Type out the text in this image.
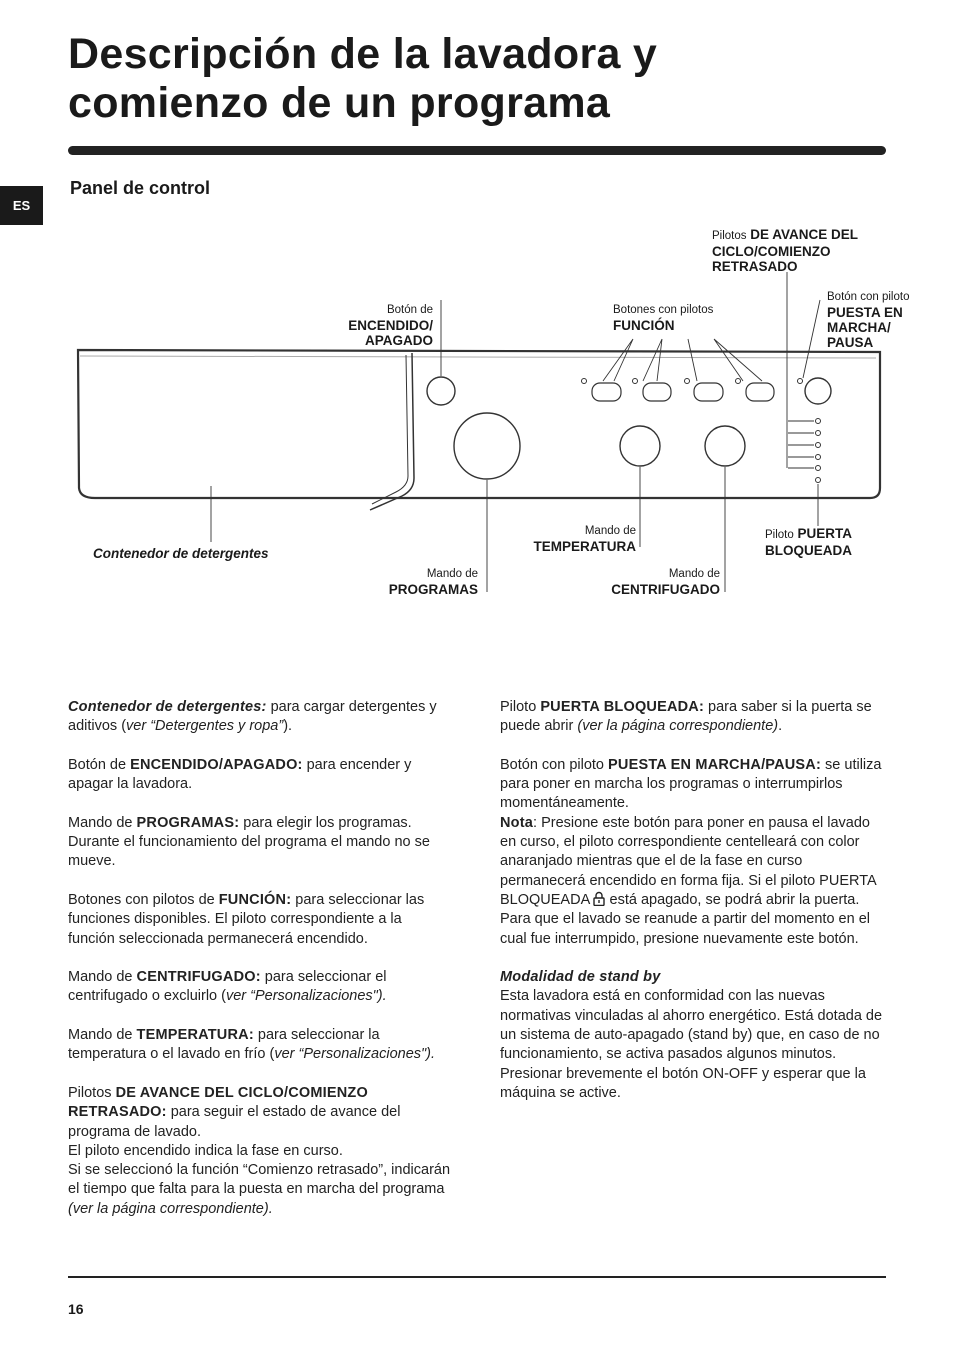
Descripción de la lavadora y
comienzo de un programa
ES
Panel de control
Pilotos DE AVANCE DEL
CICLO/COMIENZO
RETRASADO
Botón con piloto
PUESTA EN
MARCHA/
PAUSA
Botón de
ENCENDIDO/
APAGADO
Botones con pilotos
FUNCIÓN
Contenedor de detergentes
Mando de
TEMPERATURA
Piloto PUERTA
BLOQUEADA
Mando de
PROGRAMAS
Mando de
CENTRIFUGADO

Contenedor de detergentes: para cargar detergentes y aditivos (ver “Detergentes y ropa”).

Botón de ENCENDIDO/APAGADO: para encender y apagar la lavadora.

Mando de PROGRAMAS: para elegir los programas. Durante el funcionamiento del programa el mando no se mueve.

Botones con pilotos de FUNCIÓN: para seleccionar las funciones disponibles. El piloto correspondiente a la función seleccionada permanecerá encendido.

Mando de CENTRIFUGADO: para seleccionar el centrifugado o excluirlo (ver “Personalizaciones").

Mando de TEMPERATURA: para seleccionar la temperatura o el lavado en frío (ver “Personalizaciones").

Pilotos DE AVANCE DEL CICLO/COMIENZO RETRASADO: para seguir el estado de avance del programa de lavado.
El piloto encendido indica la fase en curso.
Si se seleccionó la función “Comienzo retrasado”, indicarán el tiempo que falta para la puesta en marcha del programa (ver la página correspondiente).

Piloto PUERTA BLOQUEADA: para saber si la puerta se puede abrir (ver la página correspondiente).

Botón con piloto PUESTA EN MARCHA/PAUSA: se utiliza para poner en marcha los programas o interrumpirlos momentáneamente.

Nota: Presione este botón para poner en pausa el lavado en curso, el piloto correspondiente centelleará con color anaranjado mientras que el de la fase en curso permanecerá encendido en forma fija. Si el piloto PUERTA BLOQUEADA  está apagado, se podrá abrir la puerta.
Para que el lavado se reanude a partir del momento en el cual fue interrumpido, presione nuevamente este botón.

Modalidad de stand by
Esta lavadora está en conformidad con las nuevas normativas vinculadas al ahorro energético. Está dotada de un sistema de auto-apagado (stand by) que, en caso de no funcionamiento, se activa pasados algunos minutos. Presionar brevemente el botón ON-OFF y esperar que la máquina se active.

16
